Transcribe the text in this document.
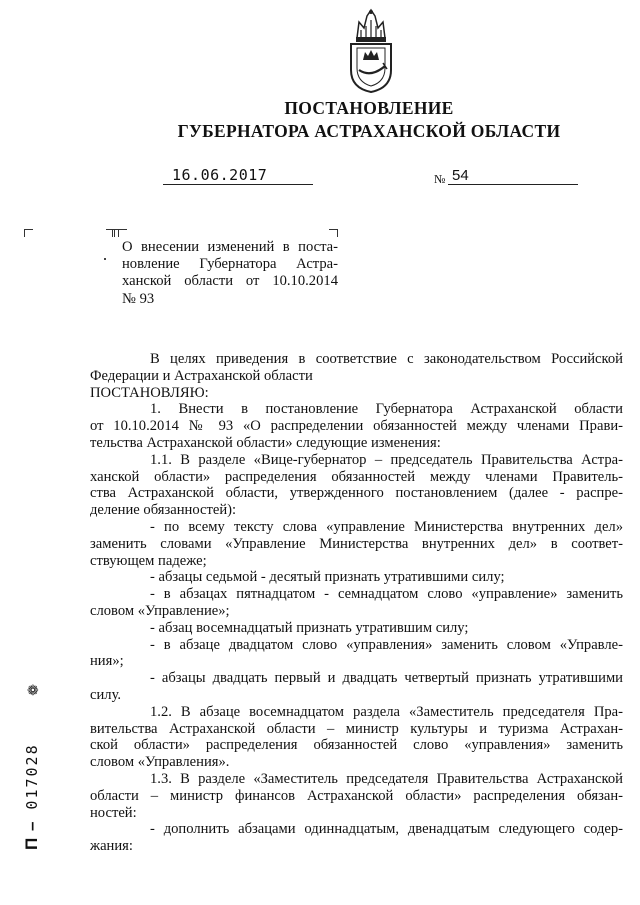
ПОСТАНОВЛЕНИЕ
ГУБЕРНАТОРА АСТРАХАНСКОЙ ОБЛАСТИ
16.06.2017	№ 54
О внесении изменений в поста-
новление Губернатора Астра-
ханской области от 10.10.2014
№ 93
В целях приведения в соответствие с законодательством Российской
Федерации и Астраханской области
ПОСТАНОВЛЯЮ:
1. Внести в постановление Губернатора Астраханской области
от 10.10.2014 № 93 «О распределении обязанностей между членами Прави-
тельства Астраханской области» следующие изменения:
1.1. В разделе «Вице-губернатор – председатель Правительства Астра-
ханской области» распределения обязанностей между членами Правитель-
ства Астраханской области, утвержденного постановлением (далее - распре-
деление обязанностей):
- по всему тексту слова «управление Министерства внутренних дел»
заменить словами «Управление Министерства внутренних дел» в соответ-
ствующем падеже;
- абзацы седьмой - десятый признать утратившими силу;
- в абзацах пятнадцатом - семнадцатом слово «управление» заменить
словом «Управление»;
- абзац восемнадцатый признать утратившим силу;
- в абзаце двадцатом слово «управления» заменить словом «Управле-
ния»;
- абзацы двадцать первый и двадцать четвертый признать утратившими
силу.
1.2. В абзаце восемнадцатом раздела «Заместитель председателя Пра-
вительства Астраханской области – министр культуры и туризма Астрахан-
ской области» распределения обязанностей слово «управления» заменить
словом «Управления».
1.3. В разделе «Заместитель председателя Правительства Астраханской
области – министр финансов Астраханской области» распределения обязан-
ностей:
- дополнить абзацами одиннадцатым, двенадцатым следующего содер-
жания:
❁
П – 017028
